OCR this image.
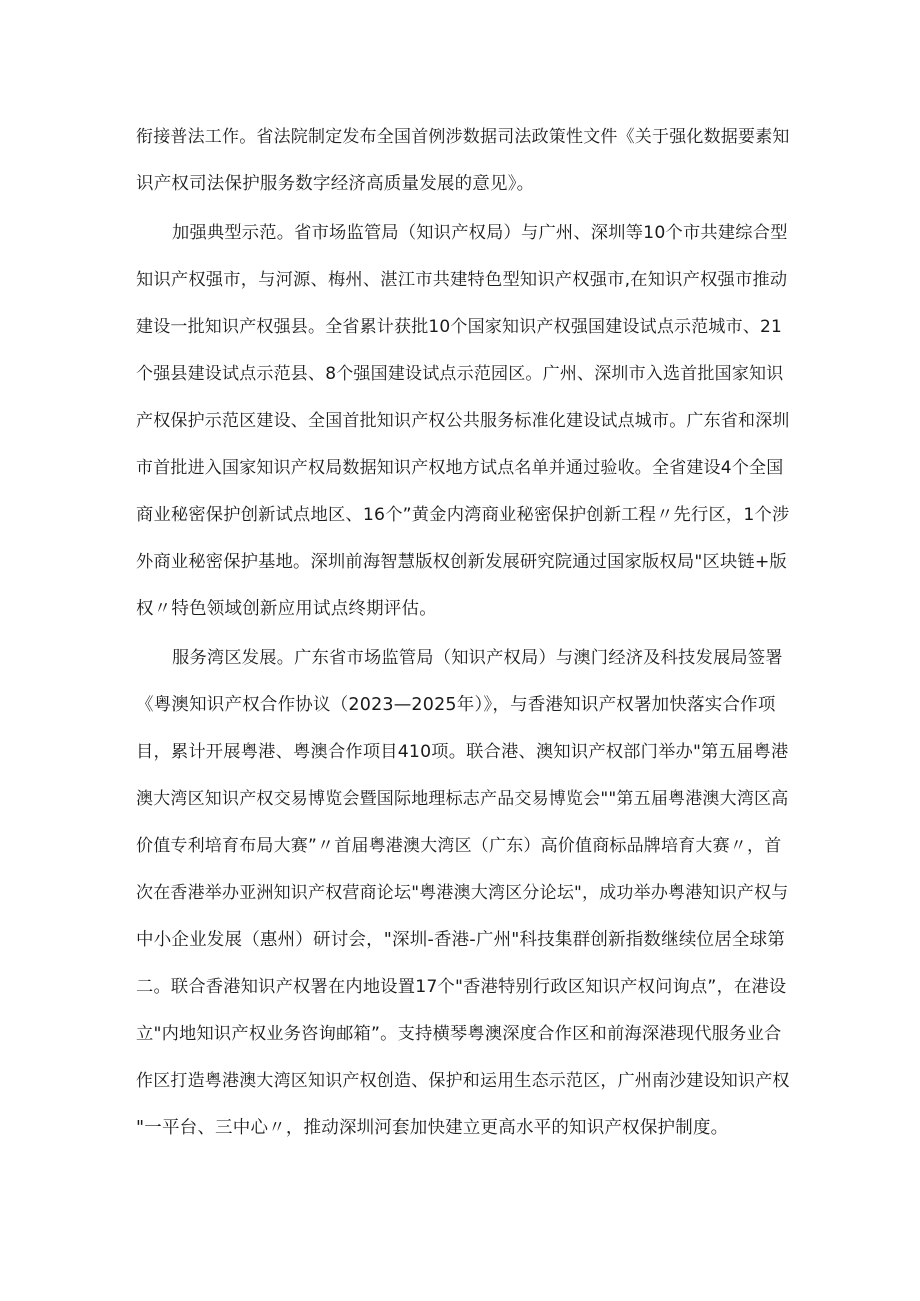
衔接普法工作。省法院制定发布全国首例涉数据司法政策性文件《关于强化数据要素知
识产权司法保护服务数字经济高质量发展的意见》。
加强典型示范。省市场监管局（知识产权局）与广州、深圳等10个市共建综合型
知识产权强市，与河源、梅州、湛江市共建特色型知识产权强市,在知识产权强市推动
建设一批知识产权强县。全省累计获批10个国家知识产权强国建设试点示范城市、21
个强县建设试点示范县、8个强国建设试点示范园区。广州、深圳市入选首批国家知识
产权保护示范区建设、全国首批知识产权公共服务标准化建设试点城市。广东省和深圳
市首批进入国家知识产权局数据知识产权地方试点名单并通过验收。全省建设4个全国
商业秘密保护创新试点地区、16个”黄金内湾商业秘密保护创新工程〃先行区，1个涉
外商业秘密保护基地。深圳前海智慧版权创新发展研究院通过国家版权局"区块链+版
权〃特色领域创新应用试点终期评估。
服务湾区发展。广东省市场监管局（知识产权局）与澳门经济及科技发展局签署
《粤澳知识产权合作协议（2023—2025年）》，与香港知识产权署加快落实合作项
目，累计开展粤港、粤澳合作项目410项。联合港、澳知识产权部门举办"第五届粤港
澳大湾区知识产权交易博览会暨国际地理标志产品交易博览会""第五届粤港澳大湾区高
价值专利培育布局大赛”〃首届粤港澳大湾区（广东）高价值商标品牌培育大赛〃，首
次在香港举办亚洲知识产权营商论坛"粤港澳大湾区分论坛"，成功举办粤港知识产权与
中小企业发展（惠州）研讨会，"深圳-香港-广州"科技集群创新指数继续位居全球第
二。联合香港知识产权署在内地设置17个"香港特别行政区知识产权问询点”，在港设
立"内地知识产权业务咨询邮箱”。支持横琴粤澳深度合作区和前海深港现代服务业合
作区打造粤港澳大湾区知识产权创造、保护和运用生态示范区，广州南沙建设知识产权
"一平台、三中心〃，推动深圳河套加快建立更高水平的知识产权保护制度。
